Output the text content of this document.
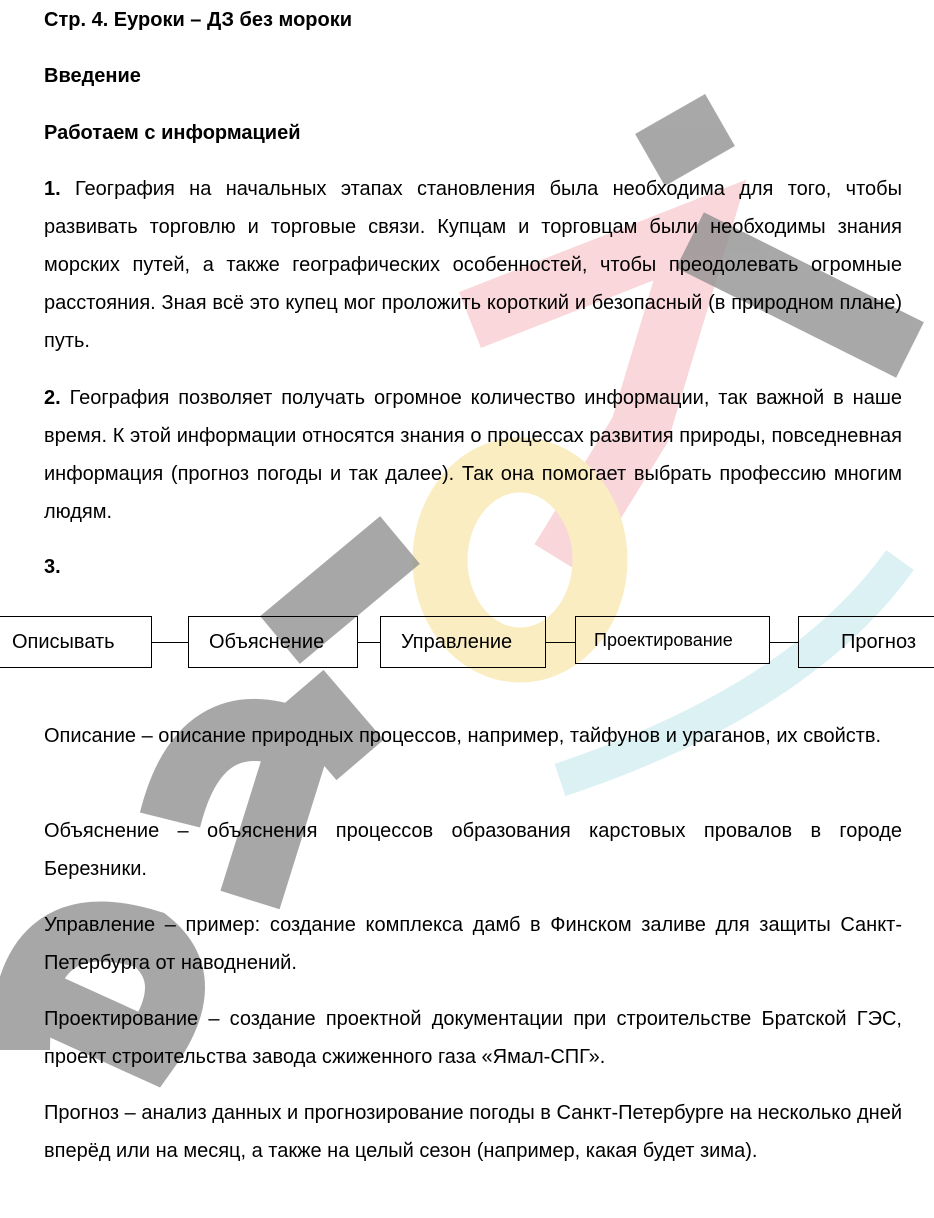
Стр. 4. Еуроки – ДЗ без мороки

Введение

Работаем с информацией

1. География на начальных этапах становления была необходима для того, чтобы развивать торговлю и торговые связи. Купцам и торговцам были необходимы знания морских путей, а также географических особенностей, чтобы преодолевать огромные расстояния. Зная всё это купец мог проложить короткий и безопасный (в природном плане) путь.

2. География позволяет получать огромное количество информации, так важной в наше время. К этой информации относятся знания о процессах развития природы, повседневная информация (прогноз погоды и так далее). Так она помогает выбрать профессию многим людям.

3.

Описание – описание природных процессов, например, тайфунов и ураганов, их свойств.

Объяснение – объяснения процессов образования карстовых провалов в городе Березники.

Управление – пример: создание комплекса дамб в Финском заливе для защиты Санкт-Петербурга от наводнений.

Проектирование – создание проектной документации при строительстве Братской ГЭС, проект строительства завода сжиженного газа «Ямал-СПГ».

Прогноз – анализ данных и прогнозирование погоды в Санкт-Петербурге на несколько дней вперёд или на месяц, а также на целый сезон (например, какая будет зима).

Описывать	Объяснение	Управление	Проектирование	Прогноз
